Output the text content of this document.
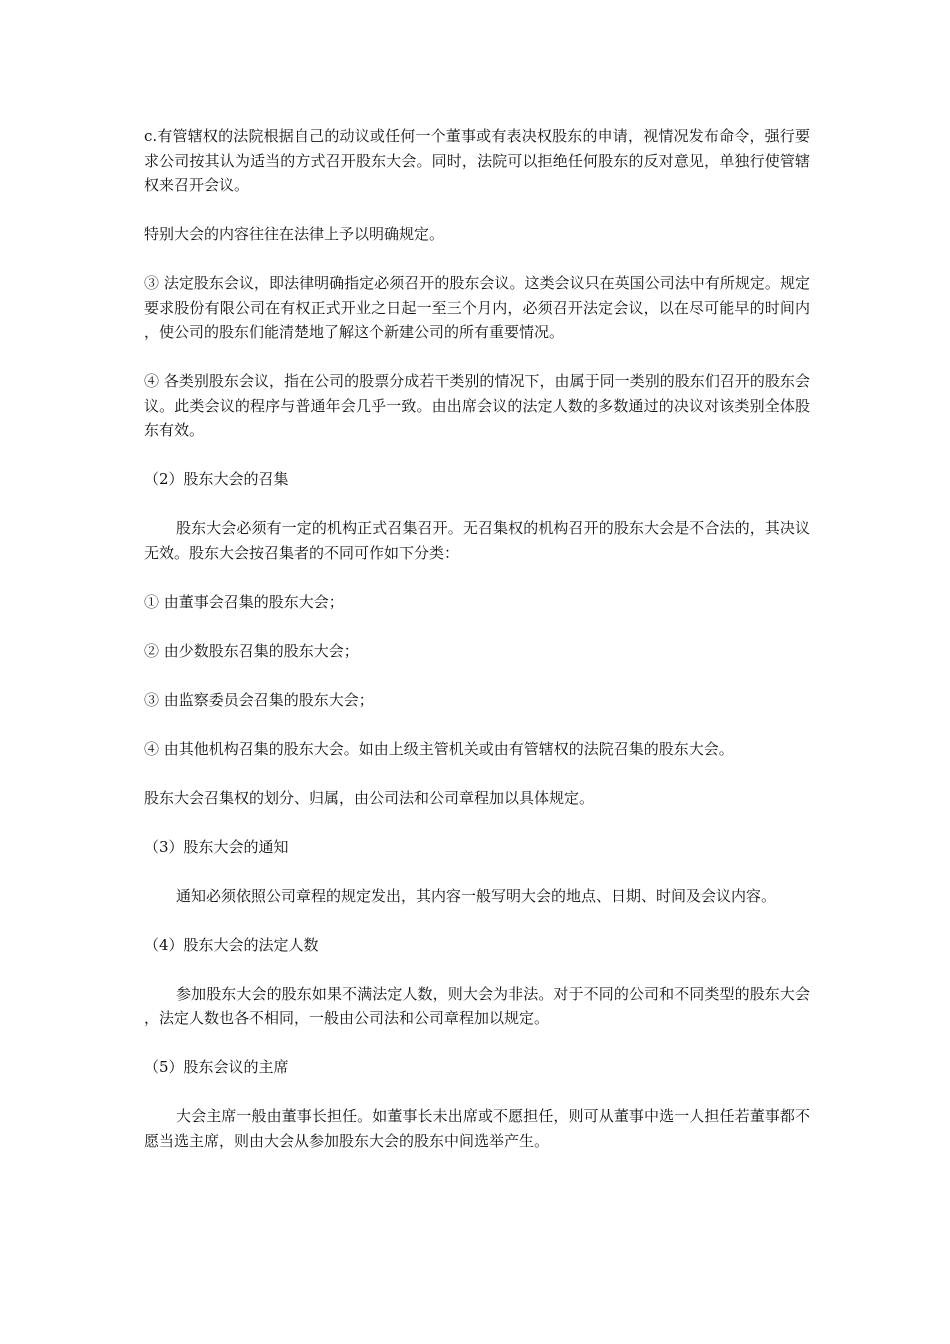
c.有管辖权的法院根据自己的动议或任何一个董事或有表决权股东的申请，视情况发布命令，强行要求公司按其认为适当的方式召开股东大会。同时，法院可以拒绝任何股东的反对意见，单独行使管辖权来召开会议。

特别大会的内容往往在法律上予以明确规定。

③ 法定股东会议，即法律明确指定必须召开的股东会议。这类会议只在英国公司法中有所规定。规定要求股份有限公司在有权正式开业之日起一至三个月内，必须召开法定会议，以在尽可能早的时间内，使公司的股东们能清楚地了解这个新建公司的所有重要情况。

④ 各类别股东会议，指在公司的股票分成若干类别的情况下，由属于同一类别的股东们召开的股东会议。此类会议的程序与普通年会几乎一致。由出席会议的法定人数的多数通过的决议对该类别全体股东有效。

（2）股东大会的召集

股东大会必须有一定的机构正式召集召开。无召集权的机构召开的股东大会是不合法的，其决议无效。股东大会按召集者的不同可作如下分类：

① 由董事会召集的股东大会；

② 由少数股东召集的股东大会；

③ 由监察委员会召集的股东大会；

④ 由其他机构召集的股东大会。如由上级主管机关或由有管辖权的法院召集的股东大会。

股东大会召集权的划分、归属，由公司法和公司章程加以具体规定。

（3）股东大会的通知

通知必须依照公司章程的规定发出，其内容一般写明大会的地点、日期、时间及会议内容。

（4）股东大会的法定人数

参加股东大会的股东如果不满法定人数，则大会为非法。对于不同的公司和不同类型的股东大会，法定人数也各不相同，一般由公司法和公司章程加以规定。

（5）股东会议的主席

大会主席一般由董事长担任。如董事长未出席或不愿担任，则可从董事中选一人担任若董事都不愿当选主席，则由大会从参加股东大会的股东中间选举产生。
